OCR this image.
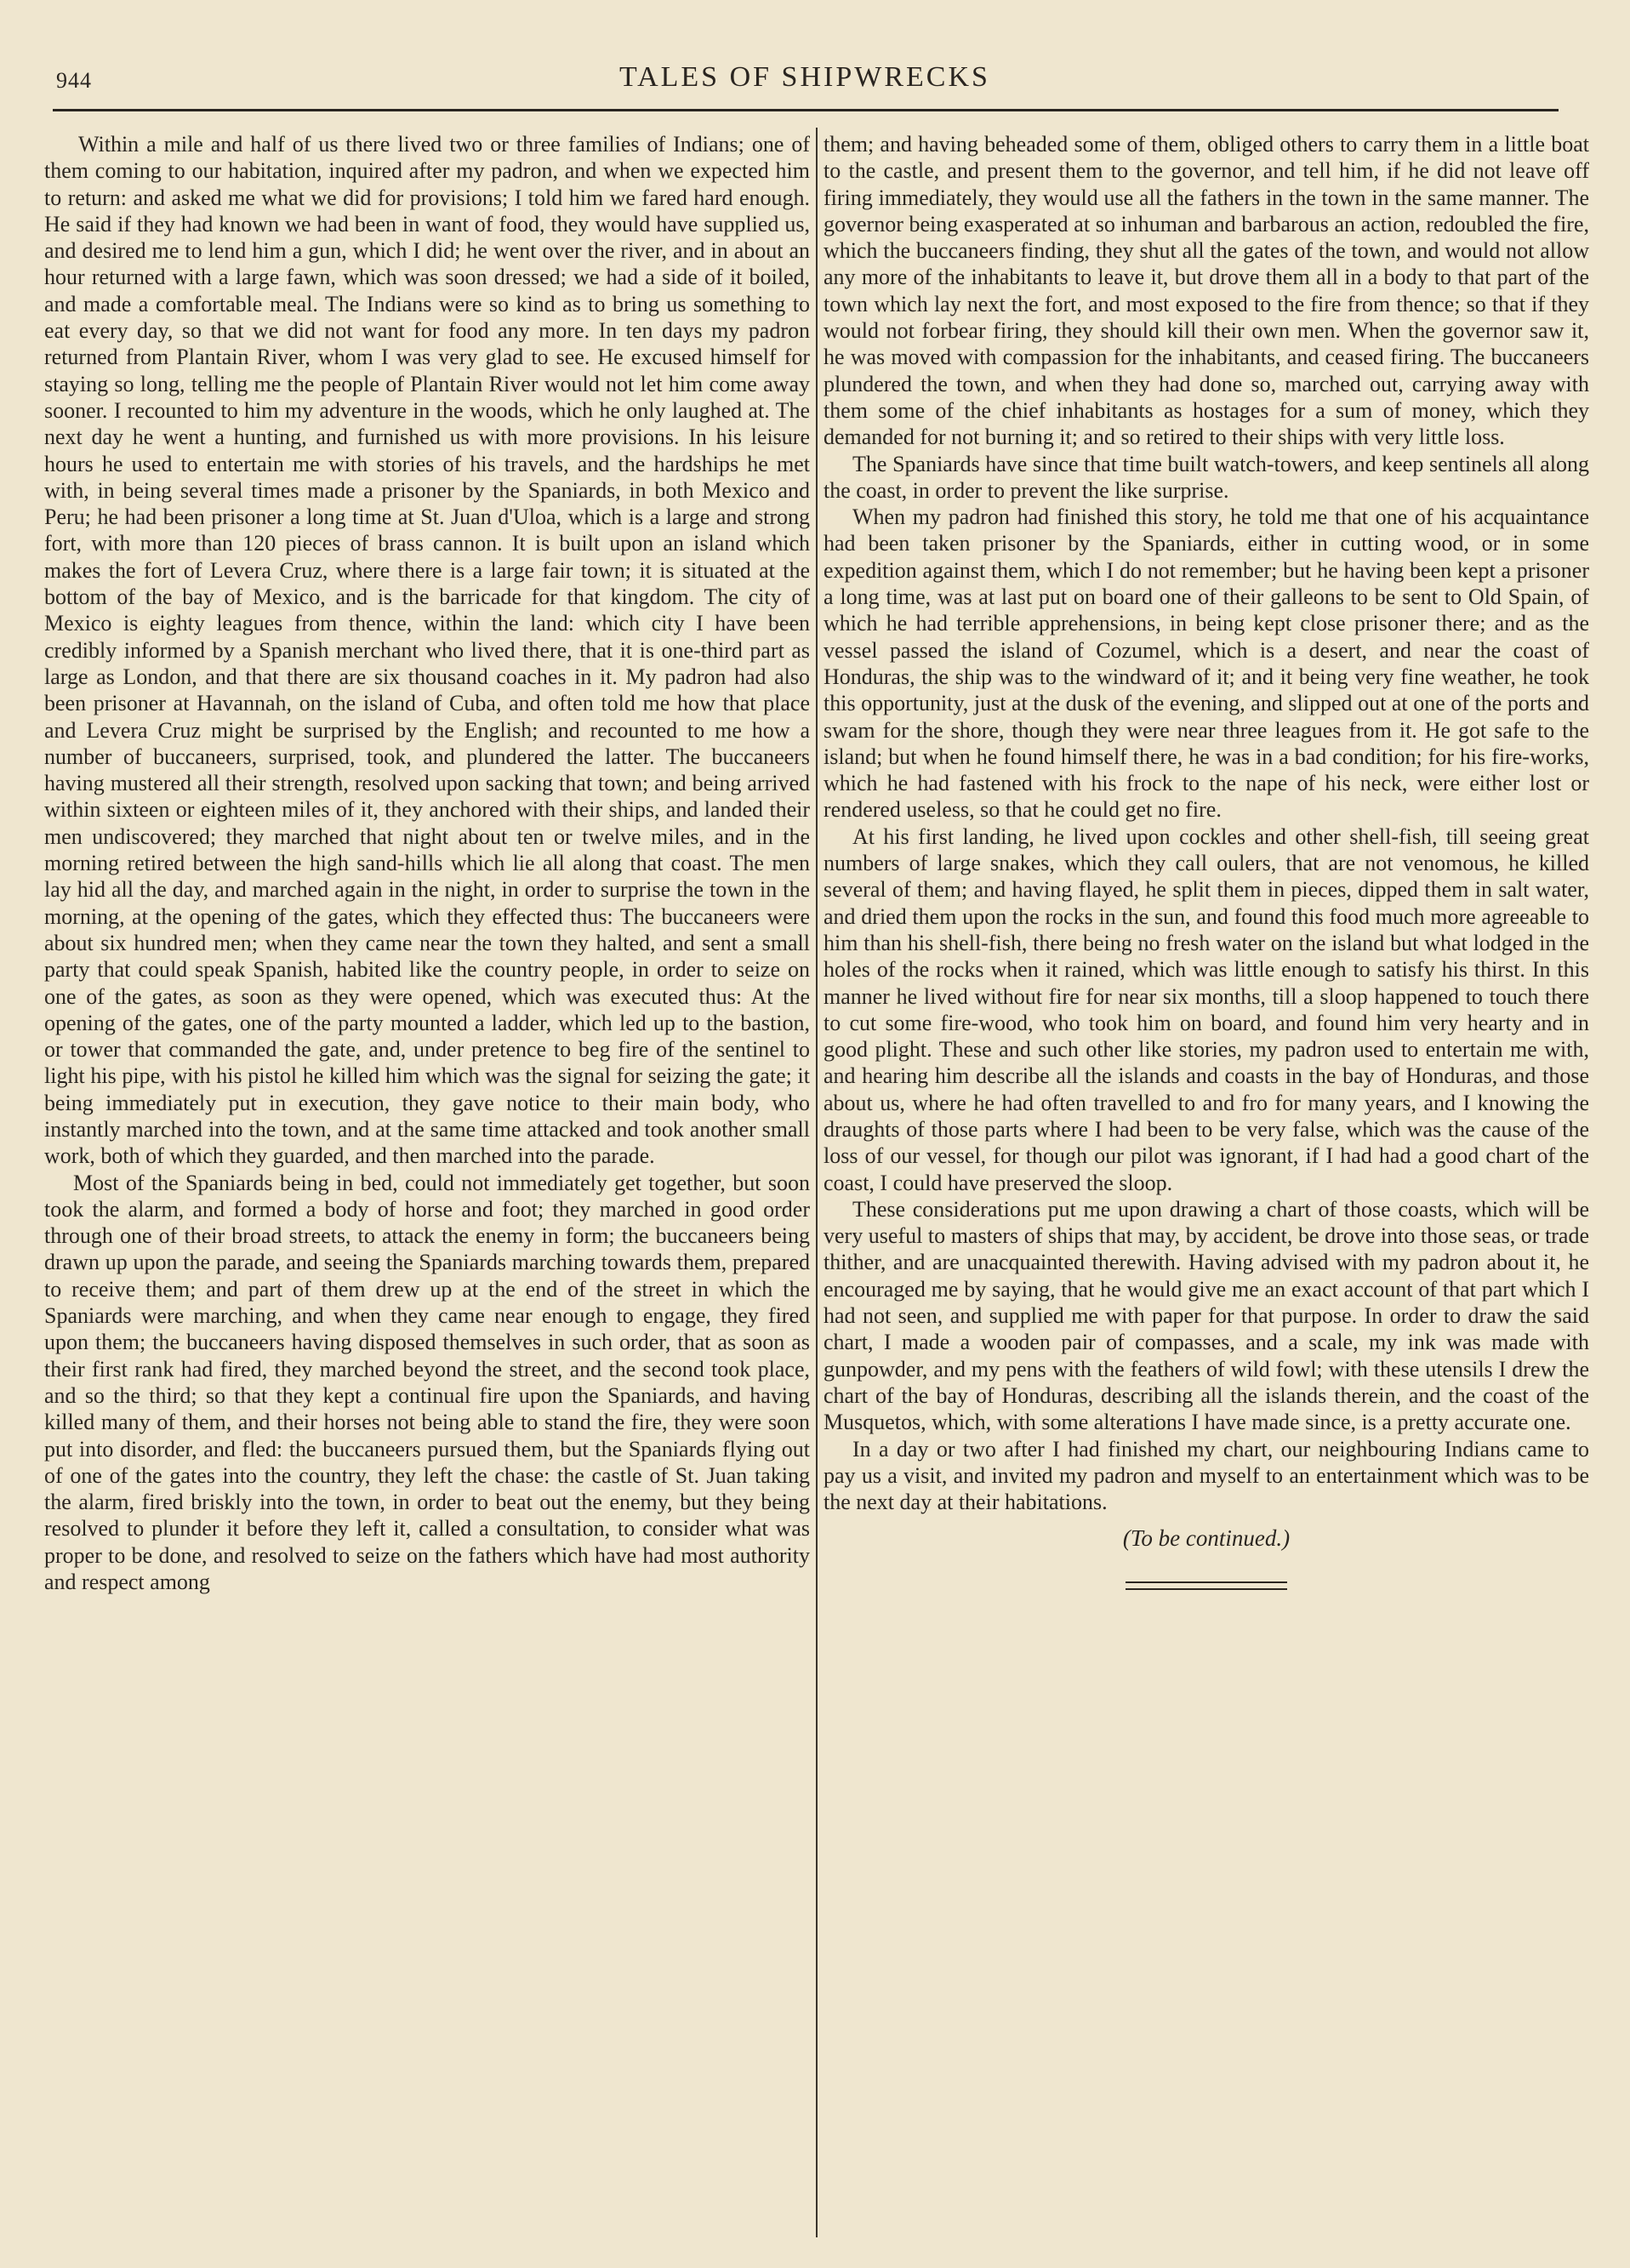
944	TALES OF SHIPWRECKS

Within a mile and half of us there lived two or three families of Indians; one of them coming to our habitation, inquired after my padron, and when we expected him to return: and asked me what we did for provisions; I told him we fared hard enough. He said if they had known we had been in want of food, they would have supplied us, and desired me to lend him a gun, which I did; he went over the river, and in about an hour returned with a large fawn, which was soon dressed; we had a side of it boiled, and made a comfortable meal. The Indians were so kind as to bring us something to eat every day, so that we did not want for food any more. In ten days my padron returned from Plantain River, whom I was very glad to see. He excused himself for staying so long, telling me the people of Plantain River would not let him come away sooner. I recounted to him my adventure in the woods, which he only laughed at. The next day he went a hunting, and furnished us with more provisions. In his leisure hours he used to entertain me with stories of his travels, and the hardships he met with, in being several times made a prisoner by the Spaniards, in both Mexico and Peru; he had been prisoner a long time at St. Juan d'Uloa, which is a large and strong fort, with more than 120 pieces of brass cannon. It is built upon an island which makes the fort of Levera Cruz, where there is a large fair town; it is situated at the bottom of the bay of Mexico, and is the barricade for that kingdom. The city of Mexico is eighty leagues from thence, within the land: which city I have been credibly informed by a Spanish merchant who lived there, that it is one-third part as large as London, and that there are six thousand coaches in it. My padron had also been prisoner at Havannah, on the island of Cuba, and often told me how that place and Levera Cruz might be surprised by the English; and recounted to me how a number of buccaneers, surprised, took, and plundered the latter. The buccaneers having mustered all their strength, resolved upon sacking that town; and being arrived within sixteen or eighteen miles of it, they anchored with their ships, and landed their men undiscovered; they marched that night about ten or twelve miles, and in the morning retired between the high sand-hills which lie all along that coast. The men lay hid all the day, and marched again in the night, in order to surprise the town in the morning, at the opening of the gates, which they effected thus: The buccaneers were about six hundred men; when they came near the town they halted, and sent a small party that could speak Spanish, habited like the country people, in order to seize on one of the gates, as soon as they were opened, which was executed thus: At the opening of the gates, one of the party mounted a ladder, which led up to the bastion, or tower that commanded the gate, and, under pretence to beg fire of the sentinel to light his pipe, with his pistol he killed him which was the signal for seizing the gate; it being immediately put in execution, they gave notice to their main body, who instantly marched into the town, and at the same time attacked and took another small work, both of which they guarded, and then marched into the parade.

Most of the Spaniards being in bed, could not immediately get together, but soon took the alarm, and formed a body of horse and foot; they marched in good order through one of their broad streets, to attack the enemy in form; the buccaneers being drawn up upon the parade, and seeing the Spaniards marching towards them, prepared to receive them; and part of them drew up at the end of the street in which the Spaniards were marching, and when they came near enough to engage, they fired upon them; the buccaneers having disposed themselves in such order, that as soon as their first rank had fired, they marched beyond the street, and the second took place, and so the third; so that they kept a continual fire upon the Spaniards, and having killed many of them, and their horses not being able to stand the fire, they were soon put into disorder, and fled: the buccaneers pursued them, but the Spaniards flying out of one of the gates into the country, they left the chase: the castle of St. Juan taking the alarm, fired briskly into the town, in order to beat out the enemy, but they being resolved to plunder it before they left it, called a consultation, to consider what was proper to be done, and resolved to seize on the fathers which have had most authority and respect among

them; and having beheaded some of them, obliged others to carry them in a little boat to the castle, and present them to the governor, and tell him, if he did not leave off firing immediately, they would use all the fathers in the town in the same manner. The governor being exasperated at so inhuman and barbarous an action, redoubled the fire, which the buccaneers finding, they shut all the gates of the town, and would not allow any more of the inhabitants to leave it, but drove them all in a body to that part of the town which lay next the fort, and most exposed to the fire from thence; so that if they would not forbear firing, they should kill their own men. When the governor saw it, he was moved with compassion for the inhabitants, and ceased firing. The buccaneers plundered the town, and when they had done so, marched out, carrying away with them some of the chief inhabitants as hostages for a sum of money, which they demanded for not burning it; and so retired to their ships with very little loss.

The Spaniards have since that time built watch-towers, and keep sentinels all along the coast, in order to prevent the like surprise.

When my padron had finished this story, he told me that one of his acquaintance had been taken prisoner by the Spaniards, either in cutting wood, or in some expedition against them, which I do not remember; but he having been kept a prisoner a long time, was at last put on board one of their galleons to be sent to Old Spain, of which he had terrible apprehensions, in being kept close prisoner there; and as the vessel passed the island of Cozumel, which is a desert, and near the coast of Honduras, the ship was to the windward of it; and it being very fine weather, he took this opportunity, just at the dusk of the evening, and slipped out at one of the ports and swam for the shore, though they were near three leagues from it. He got safe to the island; but when he found himself there, he was in a bad condition; for his fire-works, which he had fastened with his frock to the nape of his neck, were either lost or rendered useless, so that he could get no fire.

At his first landing, he lived upon cockles and other shell-fish, till seeing great numbers of large snakes, which they call oulers, that are not venomous, he killed several of them; and having flayed, he split them in pieces, dipped them in salt water, and dried them upon the rocks in the sun, and found this food much more agreeable to him than his shell-fish, there being no fresh water on the island but what lodged in the holes of the rocks when it rained, which was little enough to satisfy his thirst. In this manner he lived without fire for near six months, till a sloop happened to touch there to cut some fire-wood, who took him on board, and found him very hearty and in good plight. These and such other like stories, my padron used to entertain me with, and hearing him describe all the islands and coasts in the bay of Honduras, and those about us, where he had often travelled to and fro for many years, and I knowing the draughts of those parts where I had been to be very false, which was the cause of the loss of our vessel, for though our pilot was ignorant, if I had had a good chart of the coast, I could have preserved the sloop.

These considerations put me upon drawing a chart of those coasts, which will be very useful to masters of ships that may, by accident, be drove into those seas, or trade thither, and are unacquainted therewith. Having advised with my padron about it, he encouraged me by saying, that he would give me an exact account of that part which I had not seen, and supplied me with paper for that purpose. In order to draw the said chart, I made a wooden pair of compasses, and a scale, my ink was made with gunpowder, and my pens with the feathers of wild fowl; with these utensils I drew the chart of the bay of Honduras, describing all the islands therein, and the coast of the Musquetos, which, with some alterations I have made since, is a pretty accurate one.

In a day or two after I had finished my chart, our neighbouring Indians came to pay us a visit, and invited my padron and myself to an entertainment which was to be the next day at their habitations.

(To be continued.)
